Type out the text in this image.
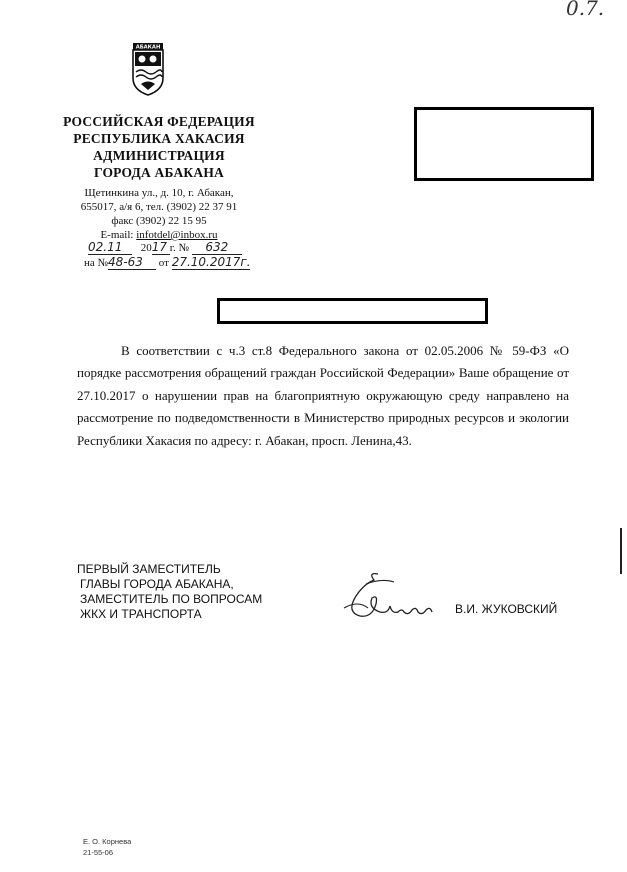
0.7.
АБАКАН
РОССИЙСКАЯ ФЕДЕРАЦИЯ
РЕСПУБЛИКА ХАКАСИЯ
АДМИНИСТРАЦИЯ
ГОРОДА АБАКАНА
Щетинкина ул., д. 10, г. Абакан,
655017, а/я 6, тел. (3902) 22 37 91
факс (3902) 22 15 95
E-mail: infotdel@inbox.ru
02.11 2017 г. № 632
на №48-63 от 27.10.2017г.
В соответствии с ч.3 ст.8 Федерального закона от 02.05.2006 № 59-ФЗ «О порядке рассмотрения обращений граждан Российской Федерации» Ваше обращение от 27.10.2017 о нарушении прав на благоприятную окружающую среду направлено на рассмотрение по подведомственности в Министерство природных ресурсов и экологии Республики Хакасия по адресу: г. Абакан, просп. Ленина,43.
ПЕРВЫЙ ЗАМЕСТИТЕЛЬ
ГЛАВЫ ГОРОДА АБАКАНА,
ЗАМЕСТИТЕЛЬ ПО ВОПРОСАМ
ЖКХ И ТРАНСПОРТА	В.И. ЖУКОВСКИЙ
Е. О. Корнева
21-55-06
